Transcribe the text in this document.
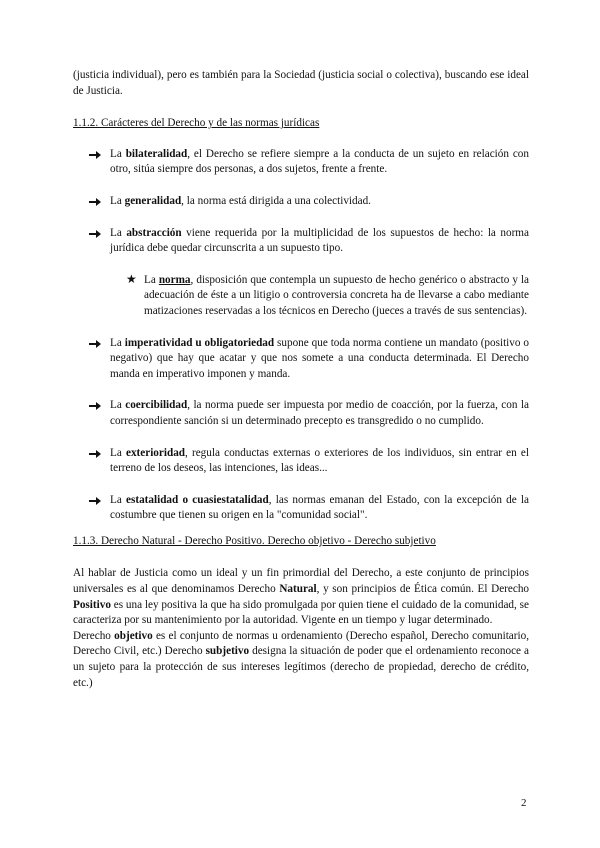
(justicia individual), pero es también para la Sociedad (justicia social o colectiva), buscando ese ideal de Justicia.

1.1.2. Carácteres del Derecho y de las normas jurídicas

La bilateralidad, el Derecho se refiere siempre a la conducta de un sujeto en relación con otro, sitúa siempre dos personas, a dos sujetos, frente a frente.
La generalidad, la norma está dirigida a una colectividad.
La abstracción viene requerida por la multiplicidad de los supuestos de hecho: la norma jurídica debe quedar circunscrita a un supuesto tipo.
★ La norma, disposición que contempla un supuesto de hecho genérico o abstracto y la adecuación de éste a un litigio o controversia concreta ha de llevarse a cabo mediante matizaciones reservadas a los técnicos en Derecho (jueces a través de sus sentencias).
La imperatividad u obligatoriedad supone que toda norma contiene un mandato (positivo o negativo) que hay que acatar y que nos somete a una conducta determinada. El Derecho manda en imperativo imponen y manda.
La coercibilidad, la norma puede ser impuesta por medio de coacción, por la fuerza, con la correspondiente sanción si un determinado precepto es transgredido o no cumplido.
La exterioridad, regula conductas externas o exteriores de los individuos, sin entrar en el terreno de los deseos, las intenciones, las ideas...
La estatalidad o cuasiestatalidad, las normas emanan del Estado, con la excepción de la costumbre que tienen su origen en la "comunidad social".

1.1.3. Derecho Natural - Derecho Positivo. Derecho objetivo - Derecho subjetivo

Al hablar de Justicia como un ideal y un fin primordial del Derecho, a este conjunto de principios universales es al que denominamos Derecho Natural, y son principios de Ética común. El Derecho Positivo es una ley positiva la que ha sido promulgada por quien tiene el cuidado de la comunidad, se caracteriza por su mantenimiento por la autoridad. Vigente en un tiempo y lugar determinado.

Derecho objetivo es el conjunto de normas u ordenamiento (Derecho español, Derecho comunitario, Derecho Civil, etc.) Derecho subjetivo designa la situación de poder que el ordenamiento reconoce a un sujeto para la protección de sus intereses legítimos (derecho de propiedad, derecho de crédito, etc.)

2
